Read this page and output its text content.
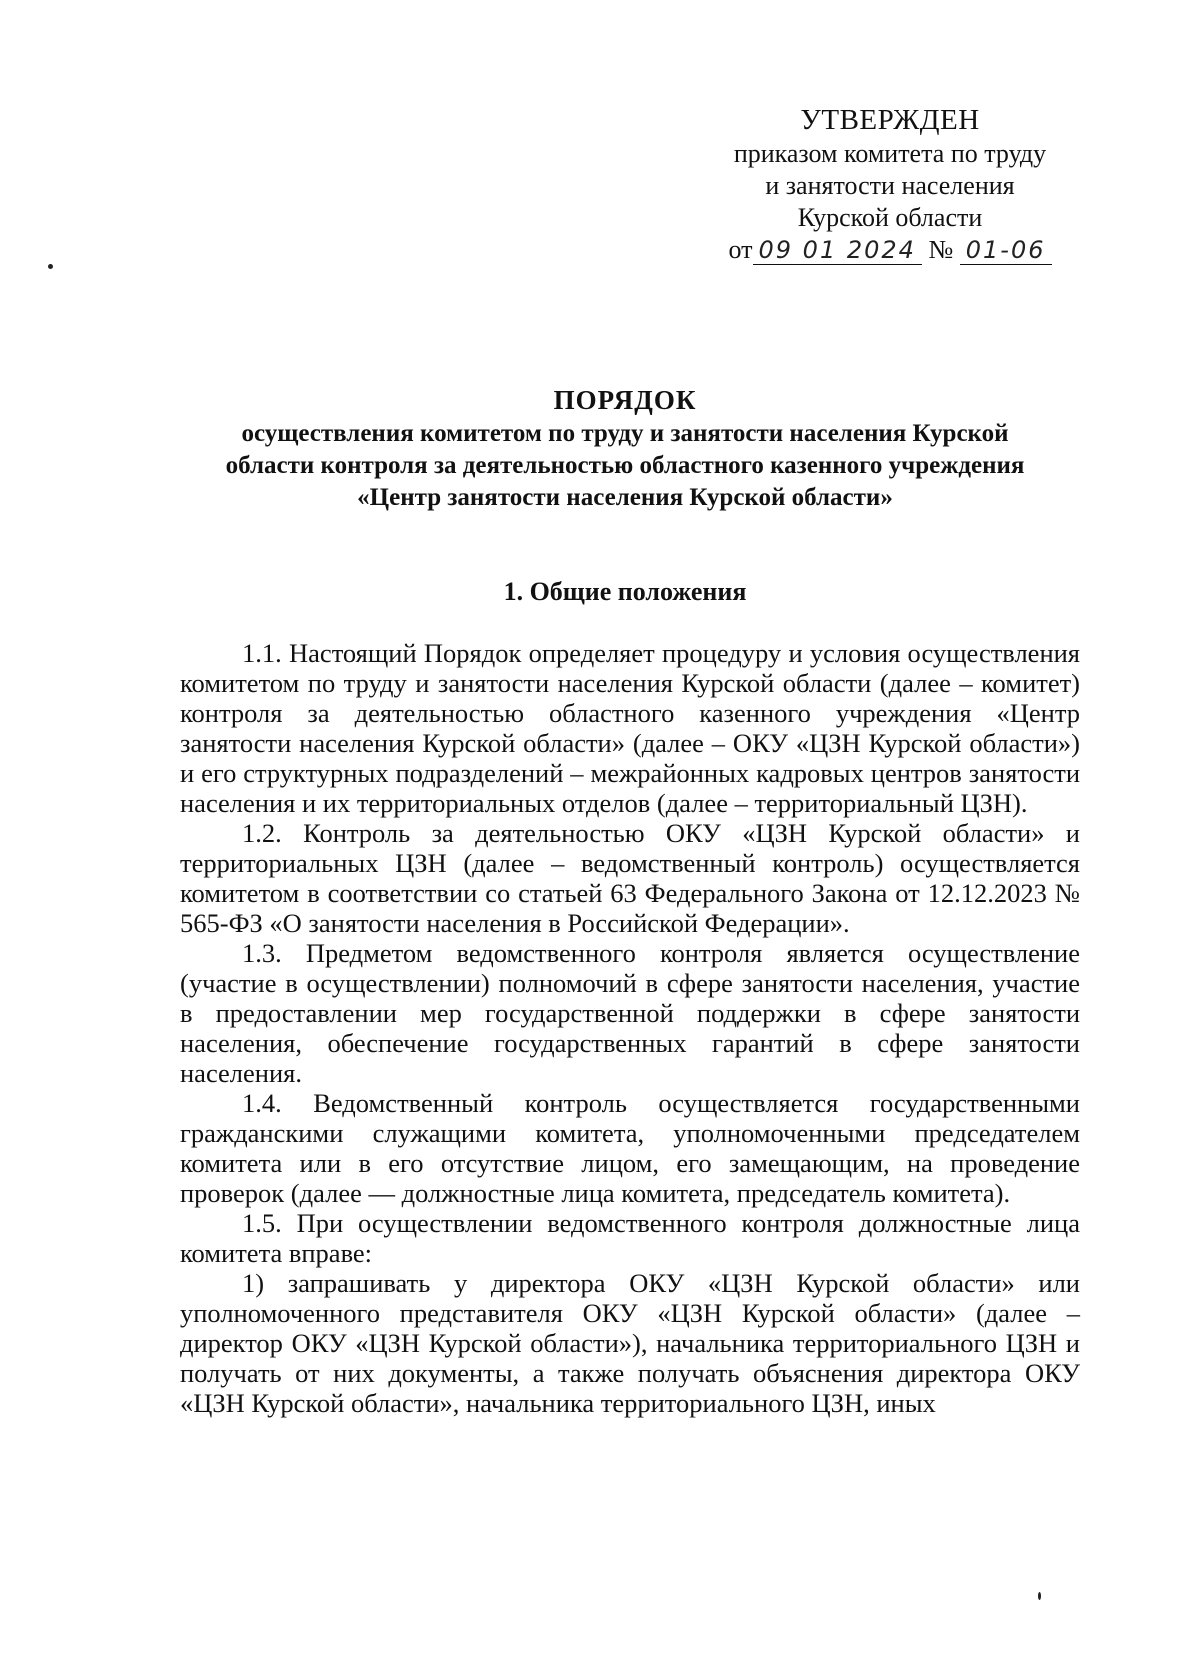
УТВЕРЖДЕН
приказом комитета по труду
и занятости населения
Курской области
от 09 01 2024 № 01-06
ПОРЯДОК
осуществления комитетом по труду и занятости населения Курской
области контроля за деятельностью областного казенного учреждения
«Центр занятости населения Курской области»
1. Общие положения

1.1. Настоящий Порядок определяет процедуру и условия осуществления комитетом по труду и занятости населения Курской области (далее – комитет) контроля за деятельностью областного казенного учреждения «Центр занятости населения Курской области» (далее – ОКУ «ЦЗН Курской области») и его структурных подразделений – межрайонных кадровых центров занятости населения и их территориальных отделов (далее – территориальный ЦЗН).

1.2. Контроль за деятельностью ОКУ «ЦЗН Курской области» и территориальных ЦЗН (далее – ведомственный контроль) осуществляется комитетом в соответствии со статьей 63 Федерального Закона от 12.12.2023 № 565-ФЗ «О занятости населения в Российской Федерации».

1.3. Предметом ведомственного контроля является осуществление (участие в осуществлении) полномочий в сфере занятости населения, участие в предоставлении мер государственной поддержки в сфере занятости населения, обеспечение государственных гарантий в сфере занятости населения.

1.4. Ведомственный контроль осуществляется государственными гражданскими служащими комитета, уполномоченными председателем комитета или в его отсутствие лицом, его замещающим, на проведение проверок (далее — должностные лица комитета, председатель комитета).

1.5. При осуществлении ведомственного контроля должностные лица комитета вправе:

1) запрашивать у директора ОКУ «ЦЗН Курской области» или уполномоченного представителя ОКУ «ЦЗН Курской области» (далее – директор ОКУ «ЦЗН Курской области»), начальника территориального ЦЗН и получать от них документы, а также получать объяснения директора ОКУ «ЦЗН Курской области», начальника территориального ЦЗН, иных
